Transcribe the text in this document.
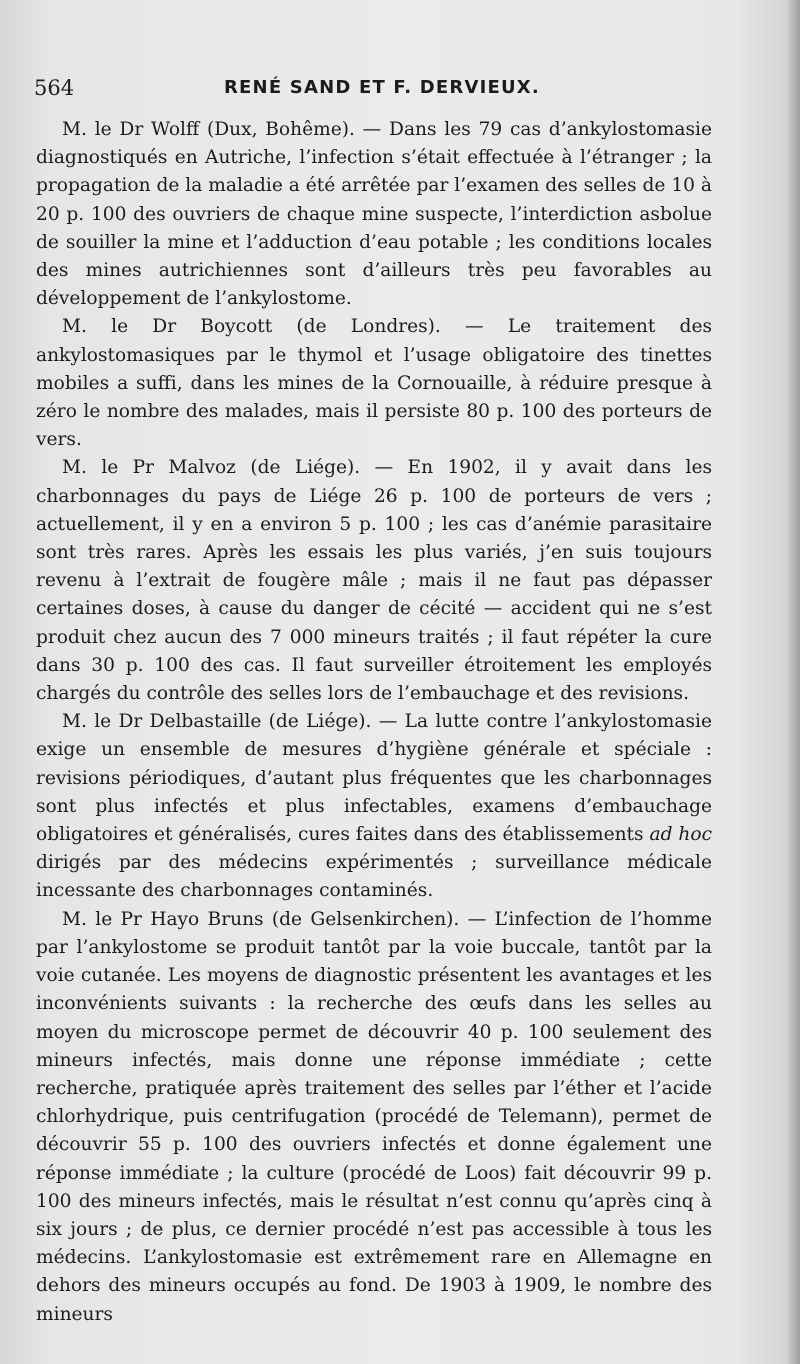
564	RENÉ SAND ET F. DERVIEUX.

M. le Dr Wolff (Dux, Bohême). — Dans les 79 cas d’ankylostomasie diagnostiqués en Autriche, l’infection s’était effectuée à l’étranger ; la propagation de la maladie a été arrêtée par l’examen des selles de 10 à 20 p. 100 des ouvriers de chaque mine suspecte, l’interdiction asbolue de souiller la mine et l’adduction d’eau potable ; les conditions locales des mines autrichiennes sont d’ailleurs très peu favorables au développement de l’ankylostome.

M. le Dr Boycott (de Londres). — Le traitement des ankylostomasiques par le thymol et l’usage obligatoire des tinettes mobiles a suffi, dans les mines de la Cornouaille, à réduire presque à zéro le nombre des malades, mais il persiste 80 p. 100 des porteurs de vers.

M. le Pr Malvoz (de Liége). — En 1902, il y avait dans les charbonnages du pays de Liége 26 p. 100 de porteurs de vers ; actuellement, il y en a environ 5 p. 100 ; les cas d’anémie parasitaire sont très rares. Après les essais les plus variés, j’en suis toujours revenu à l’extrait de fougère mâle ; mais il ne faut pas dépasser certaines doses, à cause du danger de cécité — accident qui ne s’est produit chez aucun des 7 000 mineurs traités ; il faut répéter la cure dans 30 p. 100 des cas. Il faut surveiller étroitement les employés chargés du contrôle des selles lors de l’embauchage et des revisions.

M. le Dr Delbastaille (de Liége). — La lutte contre l’ankylostomasie exige un ensemble de mesures d’hygiène générale et spéciale : revisions périodiques, d’autant plus fréquentes que les charbonnages sont plus infectés et plus infectables, examens d’embauchage obligatoires et généralisés, cures faites dans des établissements ad hoc dirigés par des médecins expérimentés ; surveillance médicale incessante des charbonnages contaminés.

M. le Pr Hayo Bruns (de Gelsenkirchen). — L’infection de l’homme par l’ankylostome se produit tantôt par la voie buccale, tantôt par la voie cutanée. Les moyens de diagnostic présentent les avantages et les inconvénients suivants : la recherche des œufs dans les selles au moyen du microscope permet de découvrir 40 p. 100 seulement des mineurs infectés, mais donne une réponse immédiate ; cette recherche, pratiquée après traitement des selles par l’éther et l’acide chlorhydrique, puis centrifugation (procédé de Telemann), permet de découvrir 55 p. 100 des ouvriers infectés et donne également une réponse immédiate ; la culture (procédé de Loos) fait découvrir 99 p. 100 des mineurs infectés, mais le résultat n’est connu qu’après cinq à six jours ; de plus, ce dernier procédé n’est pas accessible à tous les médecins. L’ankylostomasie est extrêmement rare en Allemagne en dehors des mineurs occupés au fond. De 1903 à 1909, le nombre des mineurs
